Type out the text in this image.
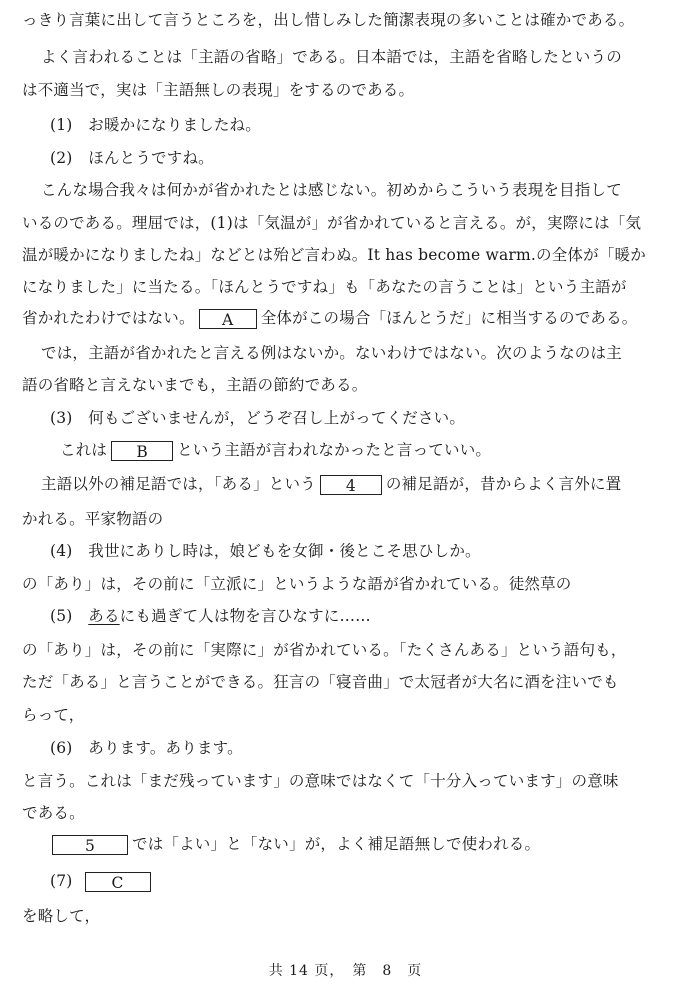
っきり言葉に出して言うところを，出し惜しみした簡潔表現の多いことは確かである。
よく言われることは「主語の省略」である。日本語では，主語を省略したというの
は不適当で，実は「主語無しの表現」をするのである。
(1)　お暖かになりましたね。
(2)　ほんとうですね。
こんな場合我々は何かが省かれたとは感じない。初めからこういう表現を目指して
いるのである。理屈では，(1)は「気温が」が省かれていると言える。が，実際には「気
温が暖かになりましたね」などとは殆ど言わぬ。It has become warm.の全体が「暖か
になりました」に当たる。「ほんとうですね」も「あなたの言うことは」という主語が
省かれたわけではない。 A 全体がこの場合「ほんとうだ」に相当するのである。
では，主語が省かれたと言える例はないか。ないわけではない。次のようなのは主
語の省略と言えないまでも，主語の節約である。
(3)　何もございませんが，どうぞ召し上がってください。
これは B という主語が言われなかったと言っていい。
主語以外の補足語では，「ある」という 4 の補足語が，昔からよく言外に置
かれる。平家物語の
(4)　我世にありし時は，娘どもを女御・後とこそ思ひしか。
の「あり」は，その前に「立派に」というような語が省かれている。徒然草の
(5)　あるにも過ぎて人は物を言ひなすに……
の「あり」は，その前に「実際に」が省かれている。「たくさんある」という語句も，
ただ「ある」と言うことができる。狂言の「寝音曲」で太冠者が大名に酒を注いでも
らって，
(6)　あります。あります。
と言う。これは「まだ残っています」の意味ではなくて「十分入っています」の意味
である。
5 では「よい」と「ない」が，よく補足語無しで使われる。
(7)	C
を略して，
共 14 页，　第　8　页
